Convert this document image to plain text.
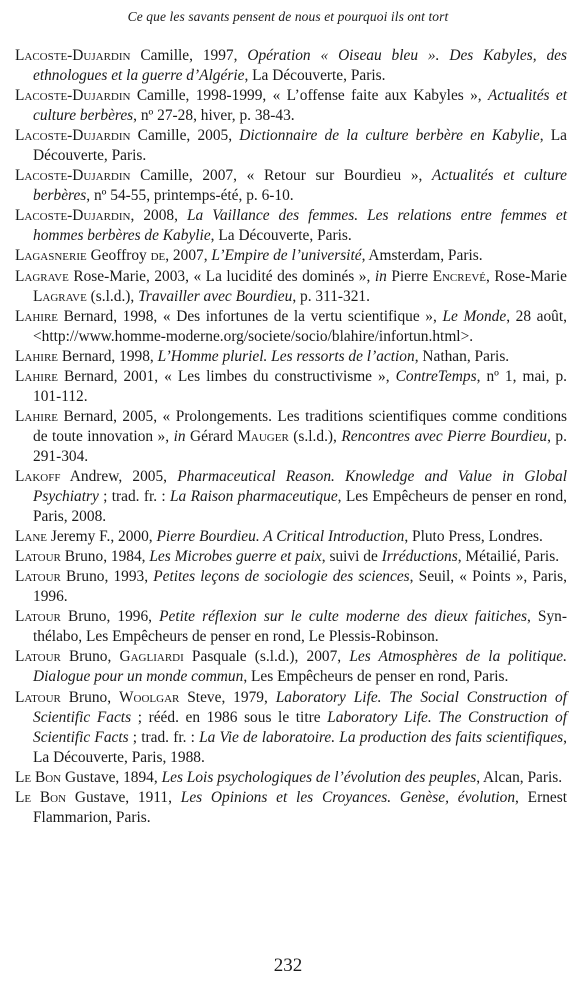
Ce que les savants pensent de nous et pourquoi ils ont tort

Lacoste-Dujardin Camille, 1997, Opération « Oiseau bleu ». Des Kabyles, des ethnologues et la guerre d’Algérie, La Découverte, Paris.

Lacoste-Dujardin Camille, 1998-1999, « L’offense faite aux Kabyles », Actualités et culture berbères, nº 27-28, hiver, p. 38-43.

Lacoste-Dujardin Camille, 2005, Dictionnaire de la culture berbère en Kabylie, La Découverte, Paris.

Lacoste-Dujardin Camille, 2007, « Retour sur Bourdieu », Actualités et culture berbères, nº 54-55, printemps-été, p. 6-10.

Lacoste-Dujardin, 2008, La Vaillance des femmes. Les relations entre femmes et hommes berbères de Kabylie, La Découverte, Paris.

Lagasnerie Geoffroy de, 2007, L’Empire de l’université, Amsterdam, Paris.

Lagrave Rose-Marie, 2003, « La lucidité des dominés », in Pierre Encrevé, Rose-Marie Lagrave (s.l.d.), Travailler avec Bourdieu, p. 311-321.

Lahire Bernard, 1998, « Des infortunes de la vertu scientifique », Le Monde, 28 août, <http://www.homme-moderne.org/societe/socio/blahire/infortun.html>.

Lahire Bernard, 1998, L’Homme pluriel. Les ressorts de l’action, Nathan, Paris.

Lahire Bernard, 2001, « Les limbes du constructivisme », ContreTemps, nº 1, mai, p. 101-112.

Lahire Bernard, 2005, « Prolongements. Les traditions scientifiques comme conditions de toute innovation », in Gérard Mauger (s.l.d.), Rencontres avec Pierre Bourdieu, p. 291-304.

Lakoff Andrew, 2005, Pharmaceutical Reason. Knowledge and Value in Global Psychiatry ; trad. fr. : La Raison pharmaceutique, Les Empêcheurs de penser en rond, Paris, 2008.

Lane Jeremy F., 2000, Pierre Bourdieu. A Critical Introduction, Pluto Press, Londres.

Latour Bruno, 1984, Les Microbes guerre et paix, suivi de Irréductions, Métailié, Paris.

Latour Bruno, 1993, Petites leçons de sociologie des sciences, Seuil, « Points », Paris, 1996.

Latour Bruno, 1996, Petite réflexion sur le culte moderne des dieux faitiches, Synthélabo, Les Empêcheurs de penser en rond, Le Plessis-Robinson.

Latour Bruno, Gagliardi Pasquale (s.l.d.), 2007, Les Atmosphères de la politique. Dialogue pour un monde commun, Les Empêcheurs de penser en rond, Paris.

Latour Bruno, Woolgar Steve, 1979, Laboratory Life. The Social Construction of Scientific Facts ; rééd. en 1986 sous le titre Laboratory Life. The Construction of Scientific Facts ; trad. fr. : La Vie de laboratoire. La production des faits scientifiques, La Découverte, Paris, 1988.

Le Bon Gustave, 1894, Les Lois psychologiques de l’évolution des peuples, Alcan, Paris.

Le Bon Gustave, 1911, Les Opinions et les Croyances. Genèse, évolution, Ernest Flammarion, Paris.

232
